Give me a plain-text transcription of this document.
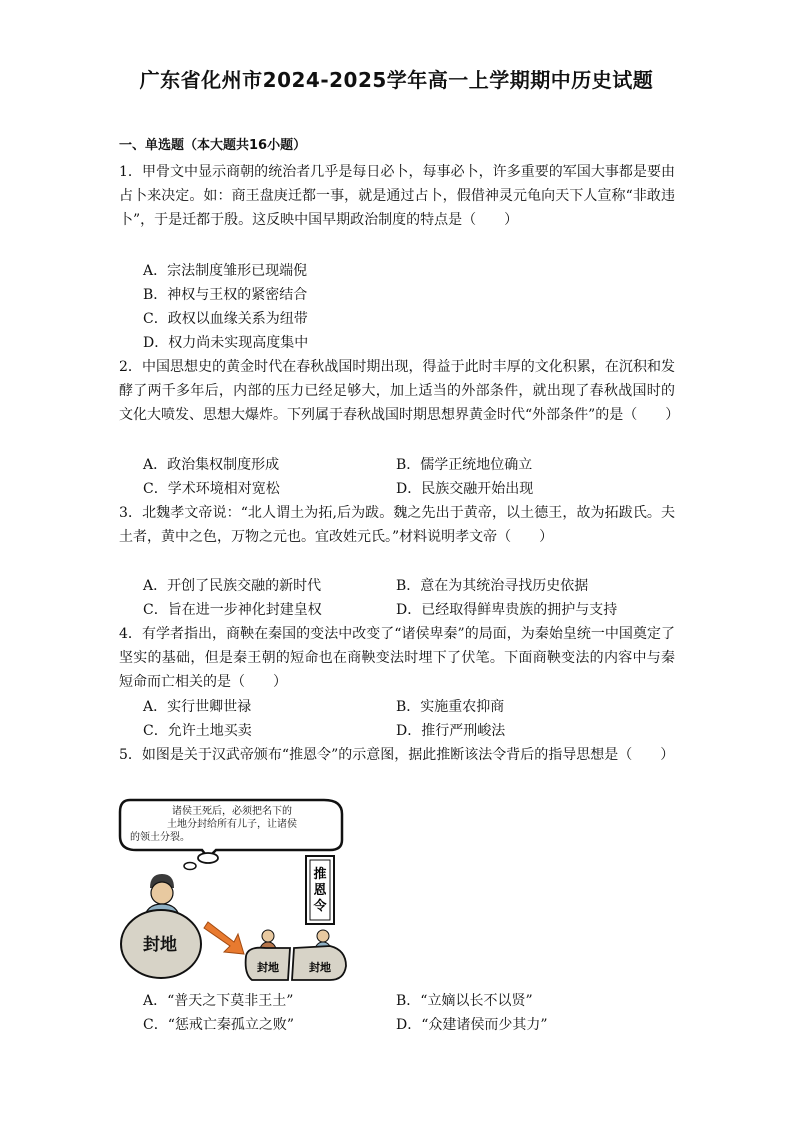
广东省化州市2024-2025学年高一上学期期中历史试题
一、单选题（本大题共16小题）
1．甲骨文中显示商朝的统治者几乎是每日必卜，每事必卜，许多重要的军国大事都是要由占卜来决定。如：商王盘庚迁都一事，就是通过占卜，假借神灵元龟向天下人宣称“非敢违卜”，于是迁都于殷。这反映中国早期政治制度的特点是（　　）
A．宗法制度雏形已现端倪
B．神权与王权的紧密结合
C．政权以血缘关系为纽带
D．权力尚未实现高度集中
2．中国思想史的黄金时代在春秋战国时期出现，得益于此时丰厚的文化积累，在沉积和发酵了两千多年后，内部的压力已经足够大，加上适当的外部条件，就出现了春秋战国时的文化大喷发、思想大爆炸。下列属于春秋战国时期思想界黄金时代“外部条件”的是（　　）
A．政治集权制度形成	B．儒学正统地位确立
C．学术环境相对宽松	D．民族交融开始出现
3．北魏孝文帝说：“北人谓土为拓,后为跋。魏之先出于黄帝，以土德王，故为拓跋氏。夫土者，黄中之色，万物之元也。宜改姓元氏。”材料说明孝文帝（　　）
A．开创了民族交融的新时代	B．意在为其统治寻找历史依据
C．旨在进一步神化封建皇权	D．已经取得鲜卑贵族的拥护与支持
4．有学者指出，商鞅在秦国的变法中改变了“诸侯卑秦”的局面，为秦始皇统一中国奠定了坚实的基础，但是秦王朝的短命也在商鞅变法时埋下了伏笔。下面商鞅变法的内容中与秦短命而亡相关的是（　　）
A．实行世卿世禄	B．实施重农抑商
C．允许土地买卖	D．推行严刑峻法
5．如图是关于汉武帝颁布“推恩令”的示意图，据此推断该法令背后的指导思想是（　　）
诸侯王死后，必须把名下的
土地分封给所有儿子，让诸侯
的领土分裂。
封地
推
恩
令
封地	封地
A．“普天之下莫非王土”	B．“立嫡以长不以贤”
C．“惩戒亡秦孤立之败”	D．“众建诸侯而少其力”
